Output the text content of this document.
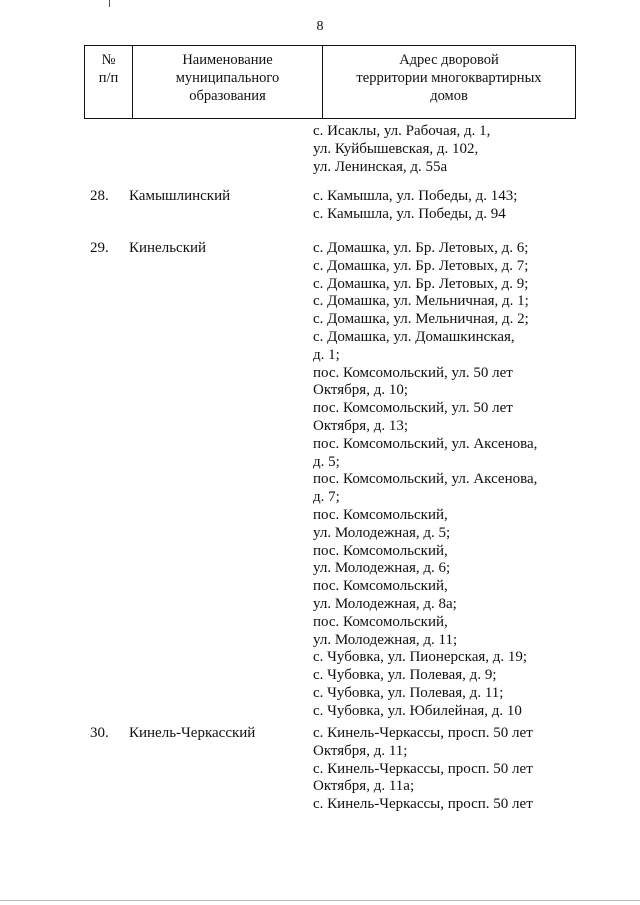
8
№
п/п

Наименование
муниципального
образования

Адрес дворовой
территории многоквартирных
домов
с. Исаклы, ул. Рабочая, д. 1,
ул. Куйбышевская, д. 102,
ул. Ленинская, д. 55а
28. Камышлинский	с. Камышла, ул. Победы, д. 143;
с. Камышла, ул. Победы, д. 94
29. Кинельский	с. Домашка, ул. Бр. Летовых, д. 6;
с. Домашка, ул. Бр. Летовых, д. 7;
с. Домашка, ул. Бр. Летовых, д. 9;
с. Домашка, ул. Мельничная, д. 1;
с. Домашка, ул. Мельничная, д. 2;
с. Домашка, ул. Домашкинская,
д. 1;
пос. Комсомольский, ул. 50 лет
Октября, д. 10;
пос. Комсомольский, ул. 50 лет
Октября, д. 13;
пос. Комсомольский, ул. Аксенова,
д. 5;
пос. Комсомольский, ул. Аксенова,
д. 7;
пос. Комсомольский,
ул. Молодежная, д. 5;
пос. Комсомольский,
ул. Молодежная, д. 6;
пос. Комсомольский,
ул. Молодежная, д. 8а;
пос. Комсомольский,
ул. Молодежная, д. 11;
с. Чубовка, ул. Пионерская, д. 19;
с. Чубовка, ул. Полевая, д. 9;
с. Чубовка, ул. Полевая, д. 11;
с. Чубовка, ул. Юбилейная, д. 10
30. Кинель-Черкасский	с. Кинель-Черкассы, просп. 50 лет
Октября, д. 11;
с. Кинель-Черкассы, просп. 50 лет
Октября, д. 11а;
с. Кинель-Черкассы, просп. 50 лет
